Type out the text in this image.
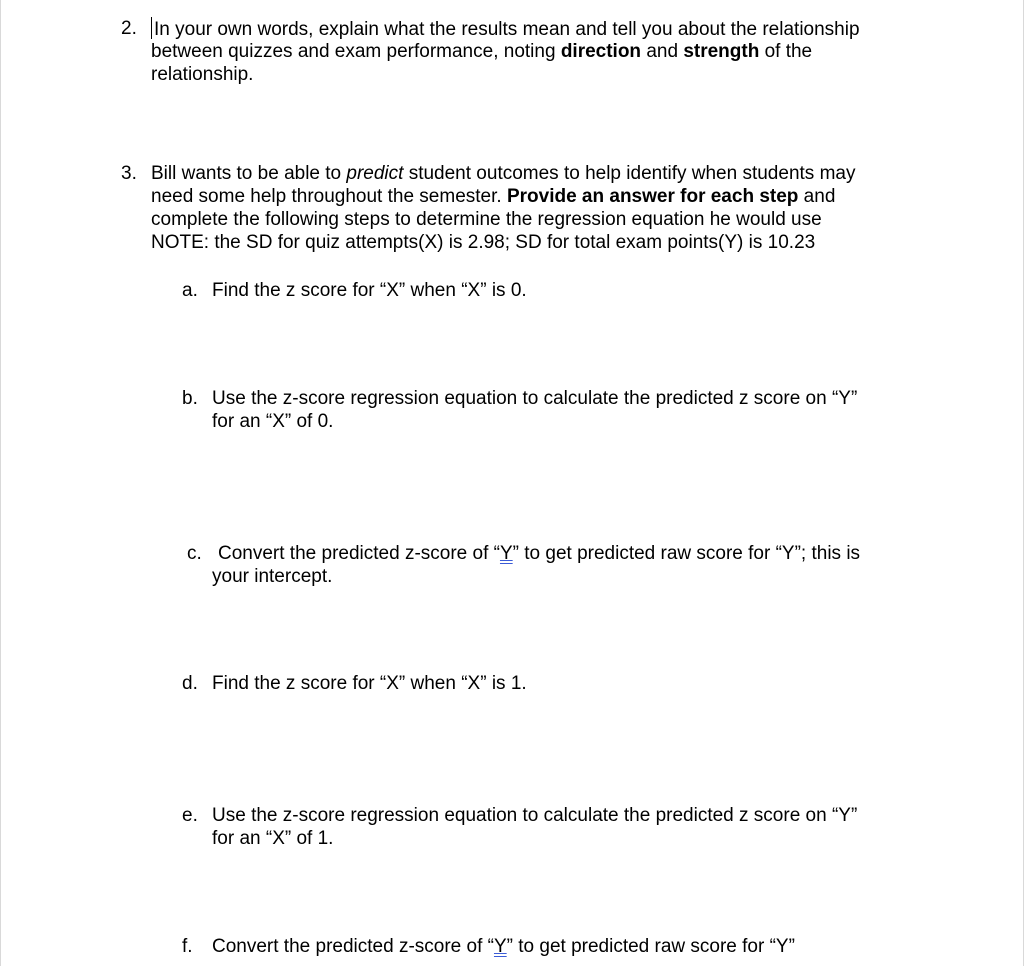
2. In your own words, explain what the results mean and tell you about the relationship
between quizzes and exam performance, noting direction and strength of the
relationship.
3. Bill wants to be able to predict student outcomes to help identify when students may
need some help throughout the semester. Provide an answer for each step and
complete the following steps to determine the regression equation he would use
NOTE: the SD for quiz attempts(X) is 2.98; SD for total exam points(Y) is 10.23
a. Find the z score for “X” when “X” is 0.
b. Use the z-score regression equation to calculate the predicted z score on “Y”
for an “X” of 0.
c. Convert the predicted z-score of “Y” to get predicted raw score for “Y”; this is
your intercept.
d. Find the z score for “X” when “X” is 1.
e. Use the z-score regression equation to calculate the predicted z score on “Y”
for an “X” of 1.
f. Convert the predicted z-score of “Y” to get predicted raw score for “Y”
